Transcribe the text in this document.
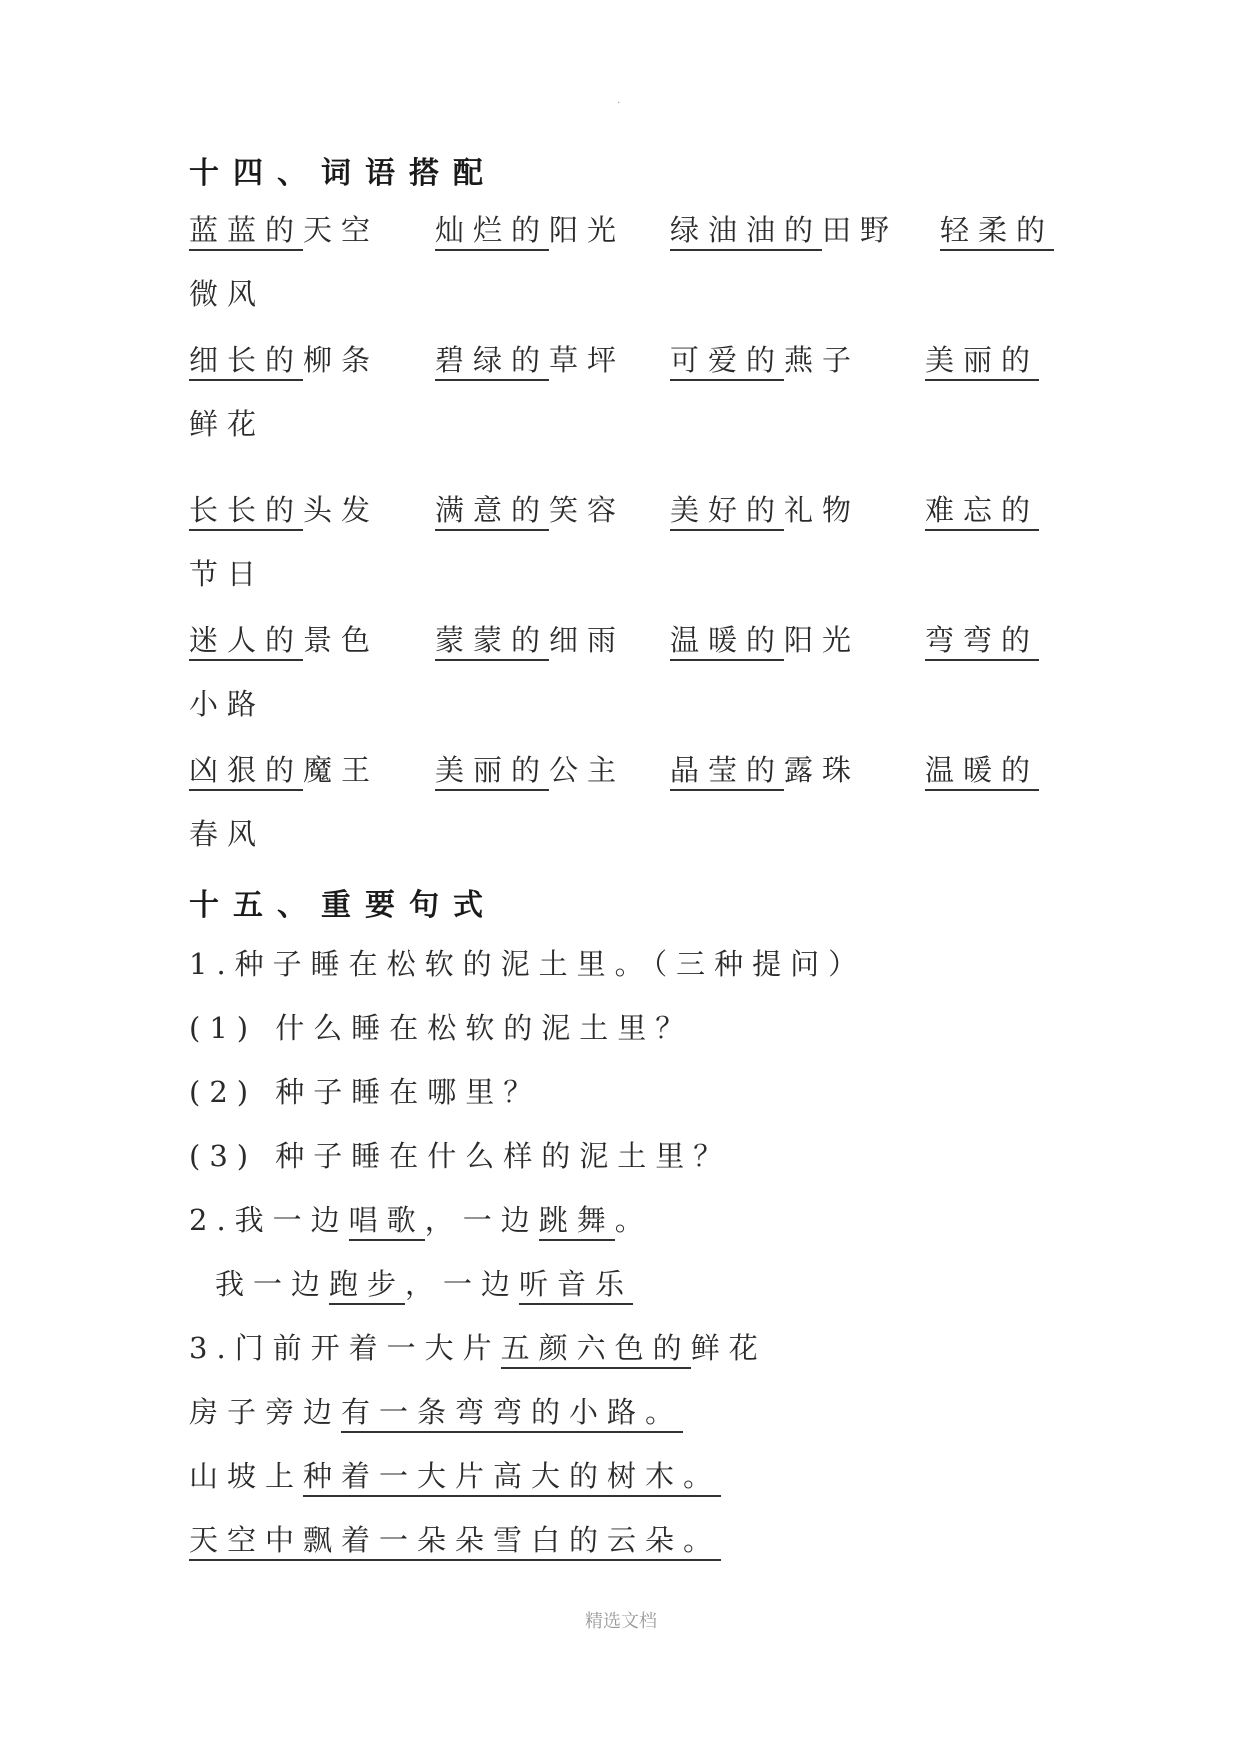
·
十四、词语搭配
蓝蓝的天空 灿烂的阳光 绿油油的田野 轻柔的
微风
细长的柳条 碧绿的草坪 可爱的燕子 美丽的
鲜花
长长的头发 满意的笑容 美好的礼物 难忘的
节日
迷人的景色 蒙蒙的细雨 温暖的阳光 弯弯的
小路
凶狠的魔王 美丽的公主 晶莹的露珠 温暖的
春风
十五、重要句式
1.种子睡在松软的泥土里。（三种提问）
(1) 什么睡在松软的泥土里？
(2) 种子睡在哪里？
(3) 种子睡在什么样的泥土里？
2.我一边唱歌，一边跳舞。
我一边跑步，一边听音乐
3.门前开着一大片五颜六色的鲜花
房子旁边有一条弯弯的小路。
山坡上种着一大片高大的树木。
天空中飘着一朵朵雪白的云朵。
精选文档
